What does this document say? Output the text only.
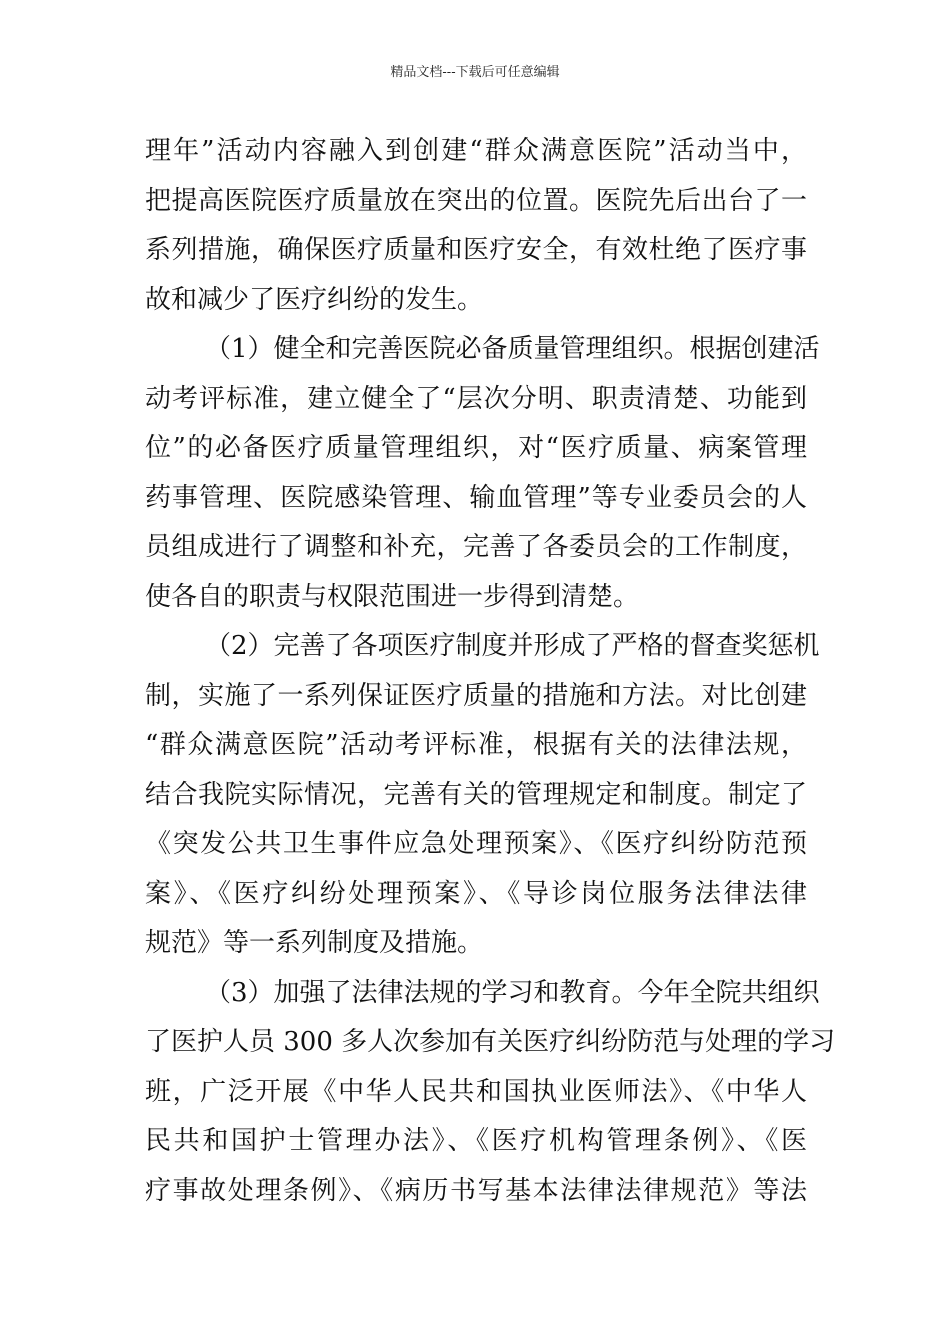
精品文档---下载后可任意编辑
理年”活动内容融入到创建“群众满意医院”活动当中，
把提高医院医疗质量放在突出的位置。医院先后出台了一
系列措施，确保医疗质量和医疗安全，有效杜绝了医疗事
故和减少了医疗纠纷的发生。
（1）健全和完善医院必备质量管理组织。根据创建活
动考评标准，建立健全了“层次分明、职责清楚、功能到
位”的必备医疗质量管理组织，对“医疗质量、病案管理
药事管理、医院感染管理、输血管理”等专业委员会的人
员组成进行了调整和补充，完善了各委员会的工作制度，
使各自的职责与权限范围进一步得到清楚。
（2）完善了各项医疗制度并形成了严格的督查奖惩机
制，实施了一系列保证医疗质量的措施和方法。对比创建
“群众满意医院”活动考评标准，根据有关的法律法规，
结合我院实际情况，完善有关的管理规定和制度。制定了
《突发公共卫生事件应急处理预案》、《医疗纠纷防范预
案》、《医疗纠纷处理预案》、《导诊岗位服务法律法律
规范》等一系列制度及措施。
（3）加强了法律法规的学习和教育。今年全院共组织
了医护人员 300 多人次参加有关医疗纠纷防范与处理的学习
班，广泛开展《中华人民共和国执业医师法》、《中华人
民共和国护士管理办法》、《医疗机构管理条例》、《医
疗事故处理条例》、《病历书写基本法律法律规范》等法
